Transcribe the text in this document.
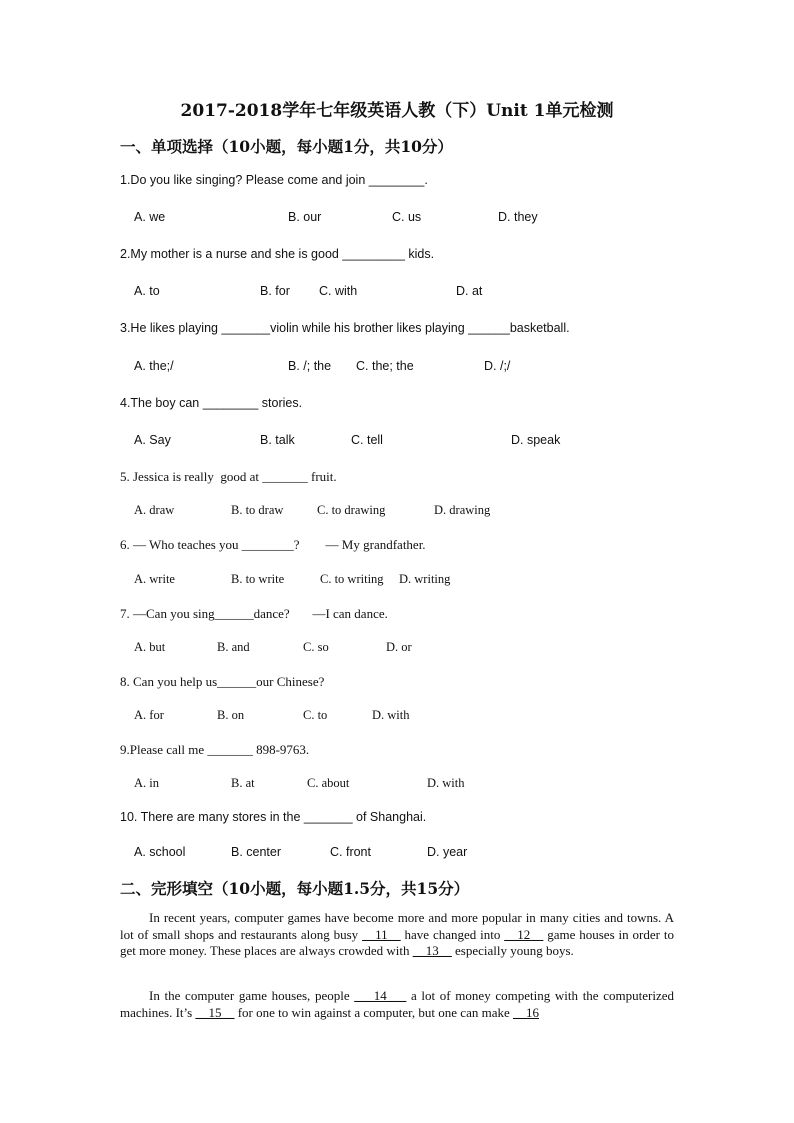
2017-2018学年七年级英语人教（下）Unit 1单元检测
一、单项选择（10小题，每小题1分，共10分）
1.Do you like singing? Please come and join ________.
A. we	B. our	C. us	D. they
2.My mother is a nurse and she is good _________ kids.
A. to	B. for C. with	D. at
3.He likes playing _______violin while his brother likes playing ______basketball.
A. the;/	B. /; the C. the; the	D. /;/
4.The boy can ________ stories.
A. Say	B. talk	C. tell	D. speak
5. Jessica is really  good at _______ fruit.
A. draw	B. to draw	C. to drawing	D. drawing
6. — Who teaches you ________?        — My grandfather.
A. write	B. to write	C. to writing D. writing
7. —Can you sing______dance?       —I can dance.
A. but	B. and	C. so	D. or
8. Can you help us______our Chinese?
A. for	B. on	C. to	D. with
9.Please call me _______ 898-9763.
A. in	B. at	C. about	D. with
10. There are many stores in the _______ of Shanghai.
A. school	B. center	C. front	D. year
二、完形填空（10小题，每小题1.5分，共15分）
In recent years, computer games have become more and more popular in many cities and towns. A lot of small shops and restaurants along busy __11__ have changed into __12__ game houses in order to get more money. These places are always crowded with __13__ especially young boys.
In the computer game houses, people ___14___ a lot of money competing with the computerized machines. It’s __15__ for one to win against a computer, but one can make __16
